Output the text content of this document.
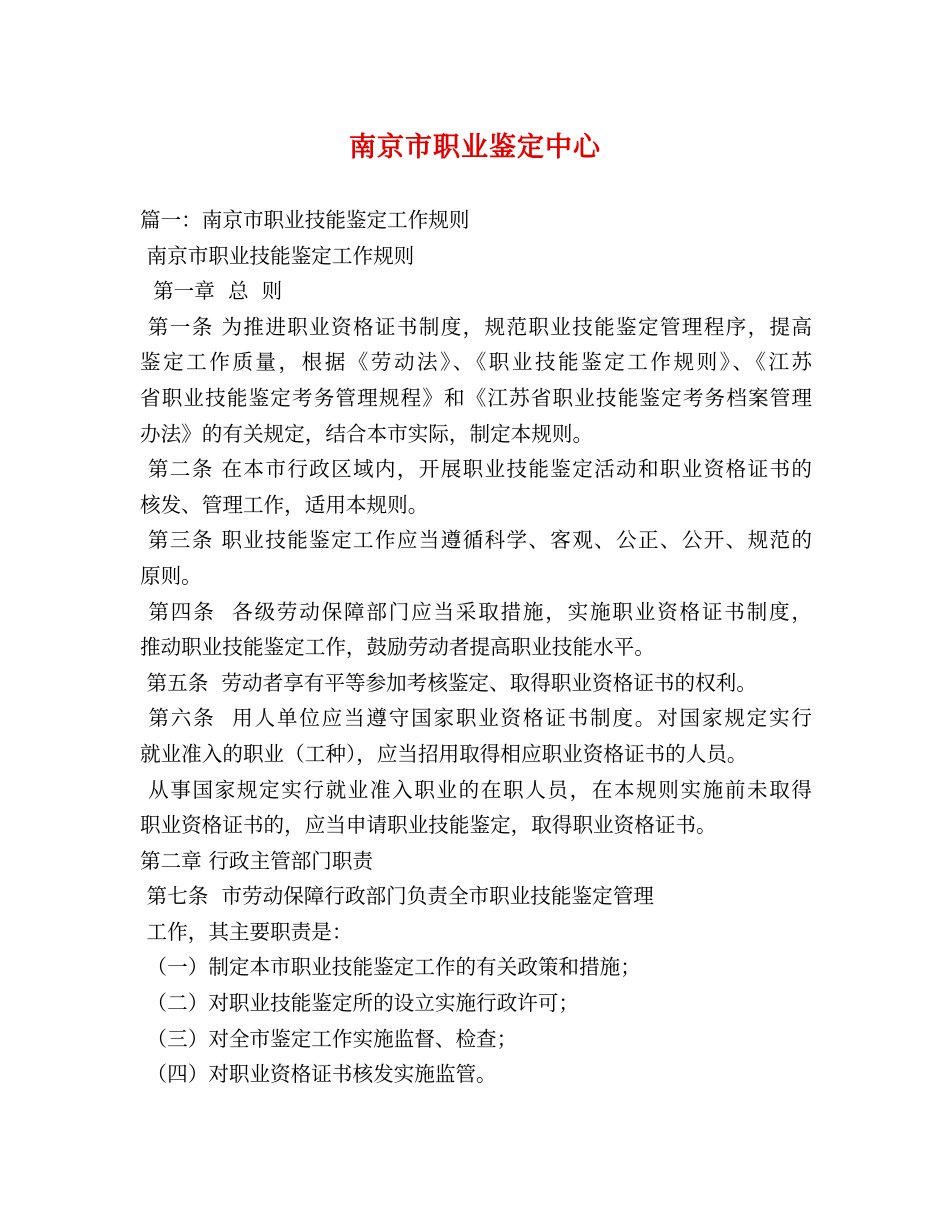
南京市职业鉴定中心
篇一：南京市职业技能鉴定工作规则
南京市职业技能鉴定工作规则
第一章  总  则
第一条 为推进职业资格证书制度，规范职业技能鉴定管理程序，提高
鉴定工作质量，根据《劳动法》、《职业技能鉴定工作规则》、《江苏
省职业技能鉴定考务管理规程》和《江苏省职业技能鉴定考务档案管理
办法》的有关规定，结合本市实际，制定本规则。
第二条 在本市行政区域内，开展职业技能鉴定活动和职业资格证书的
核发、管理工作，适用本规则。
第三条 职业技能鉴定工作应当遵循科学、客观、公正、公开、规范的
原则。
第四条  各级劳动保障部门应当采取措施，实施职业资格证书制度，
推动职业技能鉴定工作，鼓励劳动者提高职业技能水平。
第五条  劳动者享有平等参加考核鉴定、取得职业资格证书的权利。
第六条  用人单位应当遵守国家职业资格证书制度。对国家规定实行
就业准入的职业（工种），应当招用取得相应职业资格证书的人员。
从事国家规定实行就业准入职业的在职人员，在本规则实施前未取得
职业资格证书的，应当申请职业技能鉴定，取得职业资格证书。
第二章 行政主管部门职责
第七条  市劳动保障行政部门负责全市职业技能鉴定管理
工作，其主要职责是：
（一）制定本市职业技能鉴定工作的有关政策和措施；
（二）对职业技能鉴定所的设立实施行政许可；
（三）对全市鉴定工作实施监督、检查；
（四）对职业资格证书核发实施监管。
